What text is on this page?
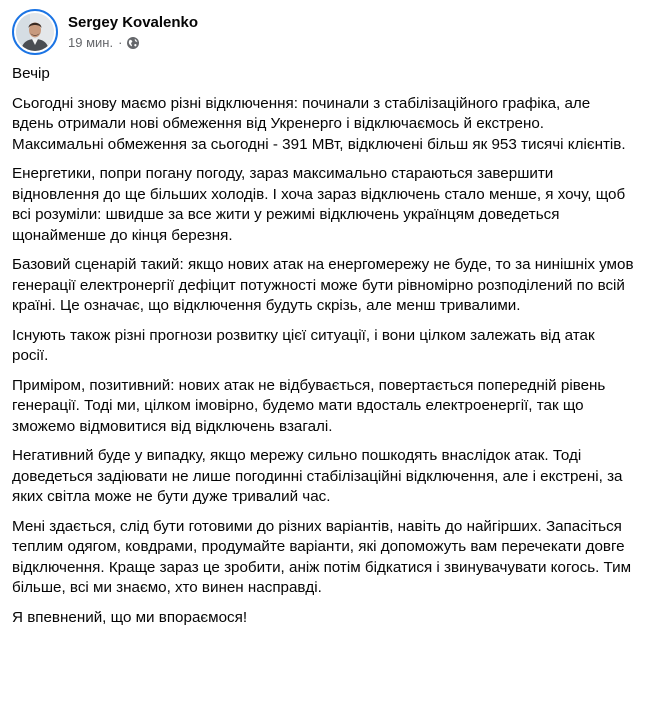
Sergey Kovalenko
19 мин. ·

Вечір

Сьогодні знову маємо різні відключення: починали з стабілізаційного графіка, але вдень отримали нові обмеження від Укренерго і відключаємось й екстрено. Максимальні обмеження за сьогодні - 391 МВт, відключені більш як 953 тисячі клієнтів.

Енергетики, попри погану погоду, зараз максимально стараються завершити відновлення до ще більших холодів. І хоча зараз відключень стало менше, я хочу, щоб всі розуміли: швидше за все жити у режимі відключень українцям доведеться щонайменше до кінця березня.

Базовий сценарій такий: якщо нових атак на енергомережу не буде, то за нинішніх умов генерації електронергії дефіцит потужності може бути рівномірно розподілений по всій країні. Це означає, що відключення будуть скрізь, але менш тривалими.

Існують також різні прогнози розвитку цієї ситуації, і вони цілком залежать від атак росії.

Приміром, позитивний: нових атак не відбувається, повертається попередній рівень генерації. Тоді ми, цілком імовірно, будемо мати вдосталь електроенергії, так що зможемо відмовитися від відключень взагалі.

Негативний буде у випадку, якщо мережу сильно пошкодять внаслідок атак. Тоді доведеться задіювати не лише погодинні стабілізаційні відключення, але і екстрені, за яких світла може не бути дуже тривалий час.

Мені здається, слід бути готовими до різних варіантів, навіть до найгірших. Запасіться теплим одягом, ковдрами, продумайте варіанти, які допоможуть вам перечекати довге відключення. Краще зараз це зробити, аніж потім бідкатися і звинувачувати когось. Тим більше, всі ми знаємо, хто винен насправді.

Я впевнений, що ми впораємося!
